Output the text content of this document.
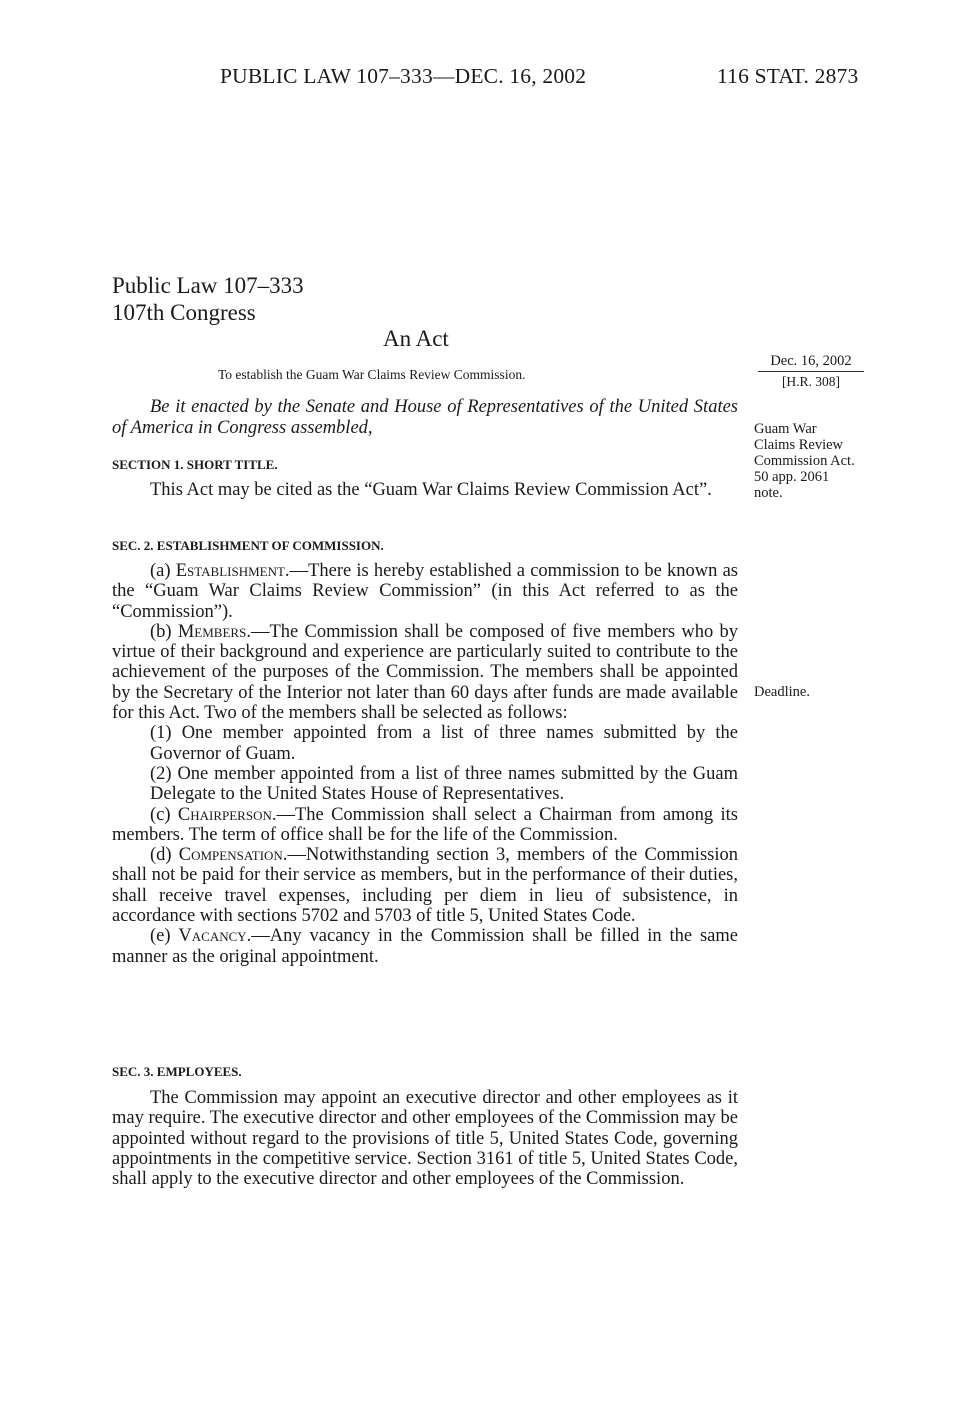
PUBLIC LAW 107–333—DEC. 16, 2002	116 STAT. 2873
Public Law 107–333
107th Congress
An Act
To establish the Guam War Claims Review Commission.
Dec. 16, 2002
[H.R. 308]
Be it enacted by the Senate and House of Representatives of the United States of America in Congress assembled,	Guam War
Claims Review
Commission Act.
50 app. 2061
note.
SECTION 1. SHORT TITLE.

This Act may be cited as the “Guam War Claims Review Commission Act”.

SEC. 2. ESTABLISHMENT OF COMMISSION.

(a) Establishment.—There is hereby established a commission to be known as the “Guam War Claims Review Commission” (in this Act referred to as the “Commission”).

(b) Members.—The Commission shall be composed of five members who by virtue of their background and experience are particularly suited to contribute to the achievement of the purposes of the Commission. The members shall be appointed by the Secretary of the Interior not later than 60 days after funds are made available for this Act. Two of the members shall be selected as follows:

(1) One member appointed from a list of three names submitted by the Governor of Guam.

(2) One member appointed from a list of three names submitted by the Guam Delegate to the United States House of Representatives.

(c) Chairperson.—The Commission shall select a Chairman from among its members. The term of office shall be for the life of the Commission.

(d) Compensation.—Notwithstanding section 3, members of the Commission shall not be paid for their service as members, but in the performance of their duties, shall receive travel expenses, including per diem in lieu of subsistence, in accordance with sections 5702 and 5703 of title 5, United States Code.

(e) Vacancy.—Any vacancy in the Commission shall be filled in the same manner as the original appointment.

Deadline.
SEC. 3. EMPLOYEES.

The Commission may appoint an executive director and other employees as it may require. The executive director and other employees of the Commission may be appointed without regard to the provisions of title 5, United States Code, governing appointments in the competitive service. Section 3161 of title 5, United States Code, shall apply to the executive director and other employees of the Commission.
